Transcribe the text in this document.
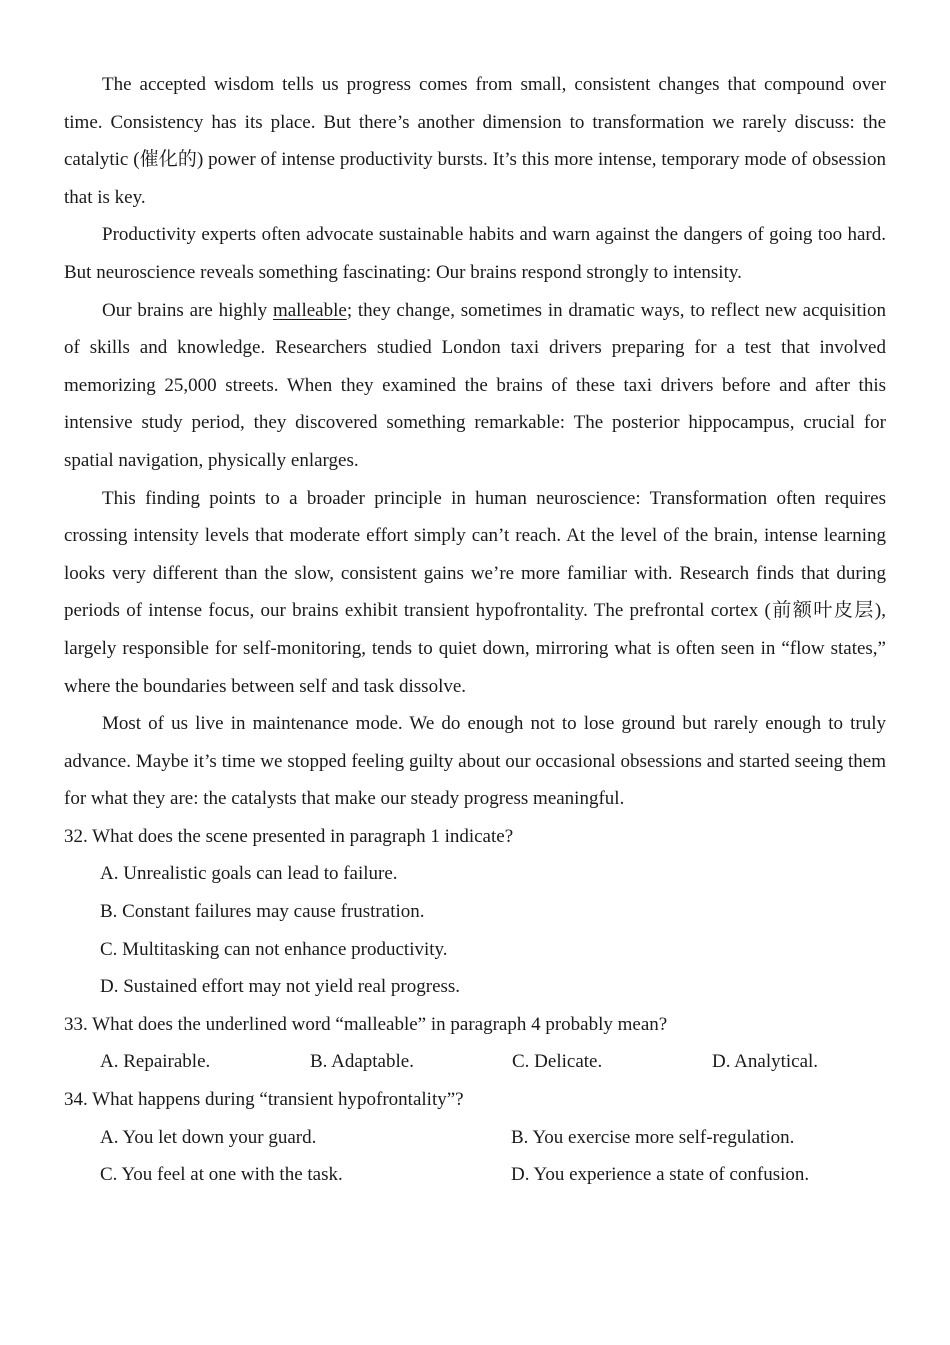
The accepted wisdom tells us progress comes from small, consistent changes that compound over time. Consistency has its place. But there’s another dimension to transformation we rarely discuss: the catalytic (催化的) power of intense productivity bursts. It’s this more intense, temporary mode of obsession that is key.

Productivity experts often advocate sustainable habits and warn against the dangers of going too hard. But neuroscience reveals something fascinating: Our brains respond strongly to intensity.

Our brains are highly malleable; they change, sometimes in dramatic ways, to reflect new acquisition of skills and knowledge. Researchers studied London taxi drivers preparing for a test that involved memorizing 25,000 streets. When they examined the brains of these taxi drivers before and after this intensive study period, they discovered something remarkable: The posterior hippocampus, crucial for spatial navigation, physically enlarges.

This finding points to a broader principle in human neuroscience: Transformation often requires crossing intensity levels that moderate effort simply can’t reach. At the level of the brain, intense learning looks very different than the slow, consistent gains we’re more familiar with. Research finds that during periods of intense focus, our brains exhibit transient hypofrontality. The prefrontal cortex (前额叶皮层), largely responsible for self-monitoring, tends to quiet down, mirroring what is often seen in “flow states,” where the boundaries between self and task dissolve.

Most of us live in maintenance mode. We do enough not to lose ground but rarely enough to truly advance. Maybe it’s time we stopped feeling guilty about our occasional obsessions and started seeing them for what they are: the catalysts that make our steady progress meaningful.

32. What does the scene presented in paragraph 1 indicate?

A. Unrealistic goals can lead to failure.

B. Constant failures may cause frustration.

C. Multitasking can not enhance productivity.

D. Sustained effort may not yield real progress.

33. What does the underlined word “malleable” in paragraph 4 probably mean?

A. Repairable.	B. Adaptable.	C. Delicate.	D. Analytical.

34. What happens during “transient hypofrontality”?

A. You let down your guard.	B. You exercise more self-regulation.
C. You feel at one with the task.	D. You experience a state of confusion.
